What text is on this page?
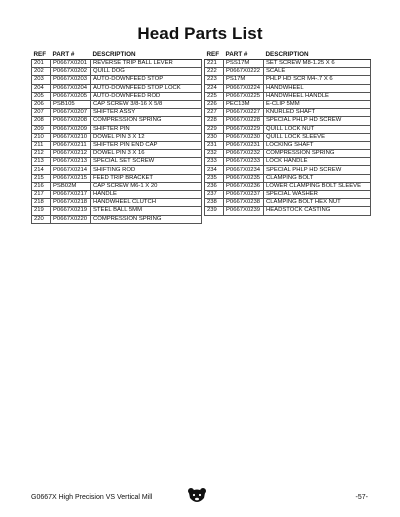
Head Parts List
REF	PART #	DESCRIPTION
201	P0667X0201	REVERSE TRIP BALL LEVER
202	P0667X0202	QUILL DOG
203	P0667X0203	AUTO-DOWNFEED STOP
204	P0667X0204	AUTO-DOWNFEED STOP LOCK
205	P0667X0205	AUTO-DOWNFEED ROD
206	PSB105	CAP SCREW 3/8-16 X 5/8
207	P0667X0207	SHIFTER ASSY
208	P0667X0208	COMPRESSION SPRING
209	P0667X0209	SHIFTER PIN
210	P0667X0210	DOWEL PIN 3 X 12
211	P0667X0211	SHIFTER PIN END CAP
212	P0667X0212	DOWEL PIN 3 X 16
213	P0667X0213	SPECIAL SET SCREW
214	P0667X0214	SHIFTING ROD
215	P0667X0215	FEED TRIP BRACKET
216	PSB02M	CAP SCREW M6-1 X 20
217	P0667X0217	HANDLE
218	P0667X0218	HANDWHEEL CLUTCH
219	P0667X0219	STEEL BALL 5MM
220	P0667X0220	COMPRESSION SPRING
REF	PART #	DESCRIPTION
221	PSS17M	SET SCREW M8-1.25 X 6
222	P0667X0222	SCALE
223	PS17M	PHLP HD SCR M4-.7 X 6
224	P0667X0224	HANDWHEEL
225	P0667X0225	HANDWHEEL HANDLE
226	PEC13M	E-CLIP 5MM
227	P0667X0227	KNURLED SHAFT
228	P0667X0228	SPECIAL PHLP HD SCREW
229	P0667X0229	QUILL LOCK NUT
230	P0667X0230	QUILL LOCK SLEEVE
231	P0667X0231	LOCKING SHAFT
232	P0667X0232	COMPRESSION SPRING
233	P0667X0233	LOCK HANDLE
234	P0667X0234	SPECIAL PHLP HD SCREW
235	P0667X0235	CLAMPING BOLT
236	P0667X0236	LOWER CLAMPING BOLT SLEEVE
237	P0667X0237	SPECIAL WASHER
238	P0667X0238	CLAMPING BOLT HEX NUT
239	P0667X0239	HEADSTOCK CASTING
G0667X High Precision VS Vertical Mill	-57-
